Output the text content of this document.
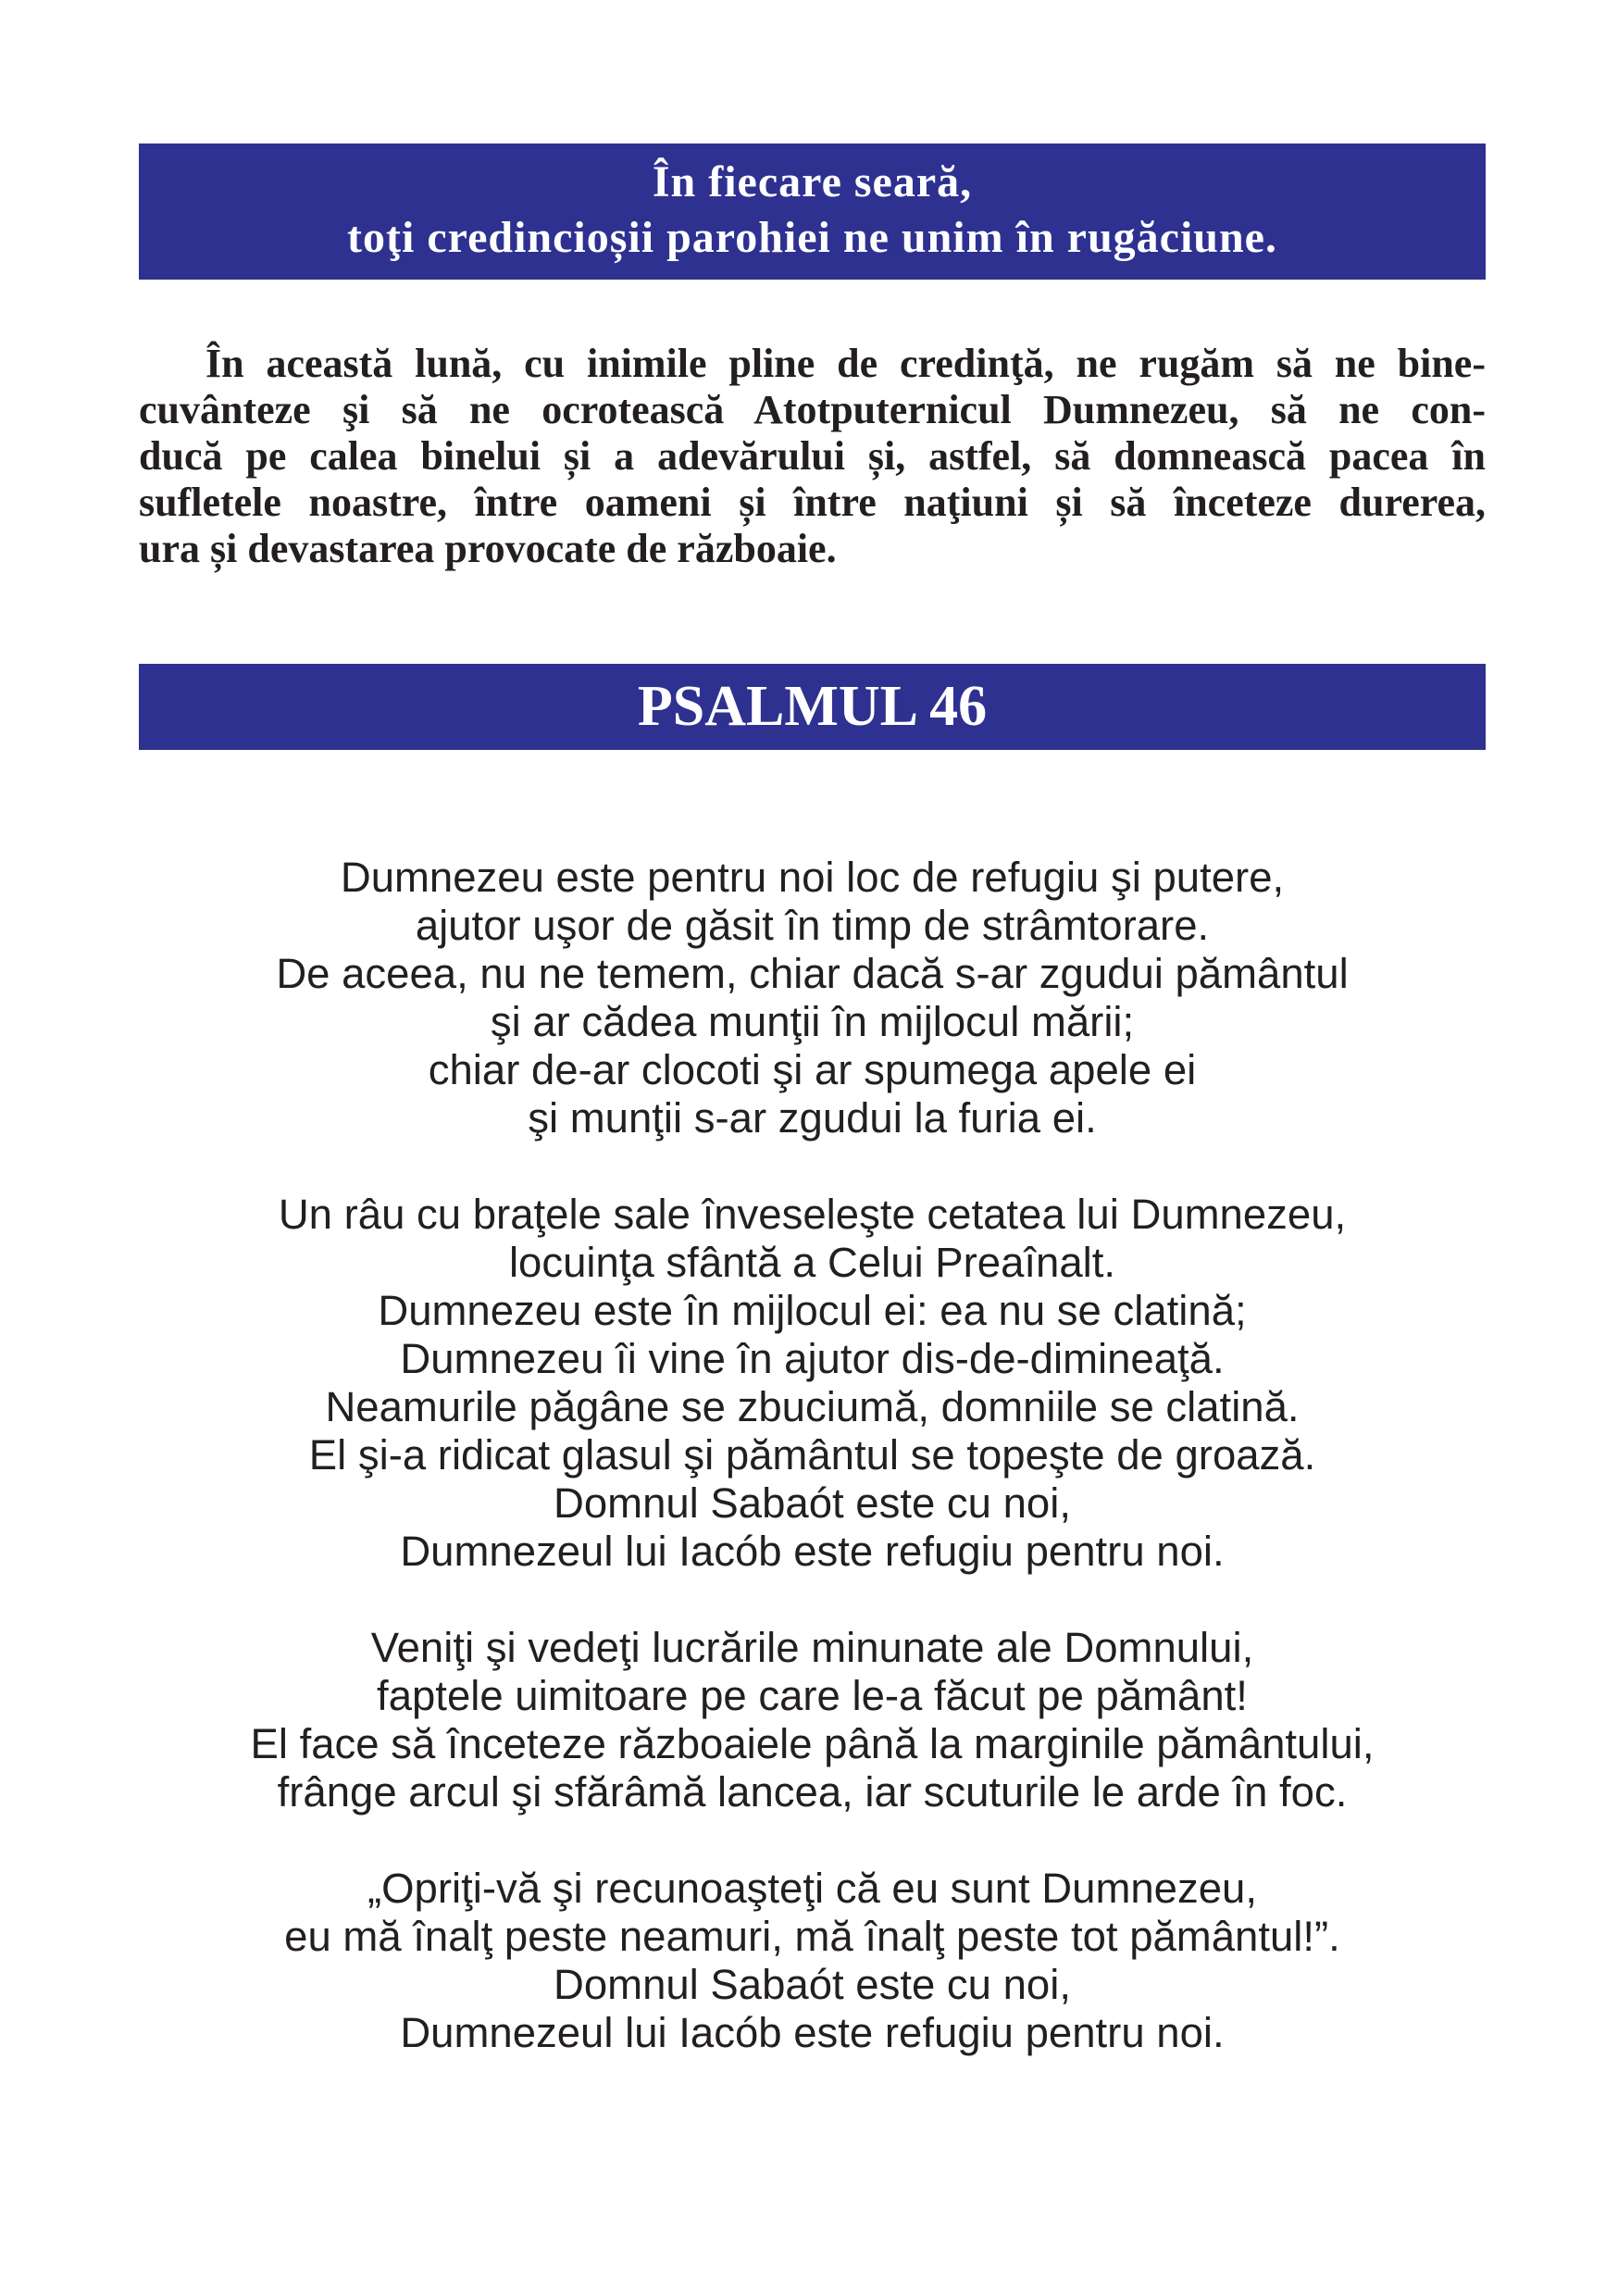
În fiecare seară,
toţi credincioșii parohiei ne unim în rugăciune.
În această lună, cu inimile pline de credinţă, ne rugăm să ne bine-
cuvânteze şi să ne ocrotească Atotputernicul Dumnezeu, să ne con-
ducă pe calea binelui și a adevărului și, astfel, să domnească pacea în
sufletele noastre, între oameni și între naţiuni și să înceteze durerea,
ura și devastarea provocate de războaie.
PSALMUL 46
Dumnezeu este pentru noi loc de refugiu şi putere,
ajutor uşor de găsit în timp de strâmtorare.
De aceea, nu ne temem, chiar dacă s-ar zgudui pământul
şi ar cădea munţii în mijlocul mării;
chiar de-ar clocoti şi ar spumega apele ei
şi munţii s-ar zgudui la furia ei.
Un râu cu braţele sale înveseleşte cetatea lui Dumnezeu,
locuinţa sfântă a Celui Preaînalt.
Dumnezeu este în mijlocul ei: ea nu se clatină;
Dumnezeu îi vine în ajutor dis-de-dimineaţă.
Neamurile păgâne se zbuciumă, domniile se clatină.
El şi-a ridicat glasul şi pământul se topeşte de groază.
Domnul Sabaót este cu noi,
Dumnezeul lui Iacób este refugiu pentru noi.
Veniţi şi vedeţi lucrările minunate ale Domnului,
faptele uimitoare pe care le-a făcut pe pământ!
El face să înceteze războaiele până la marginile pământului,
frânge arcul şi sfărâmă lancea, iar scuturile le arde în foc.
„Opriţi-vă şi recunoaşteţi că eu sunt Dumnezeu,
eu mă înalţ peste neamuri, mă înalţ peste tot pământul!”.
Domnul Sabaót este cu noi,
Dumnezeul lui Iacób este refugiu pentru noi.
